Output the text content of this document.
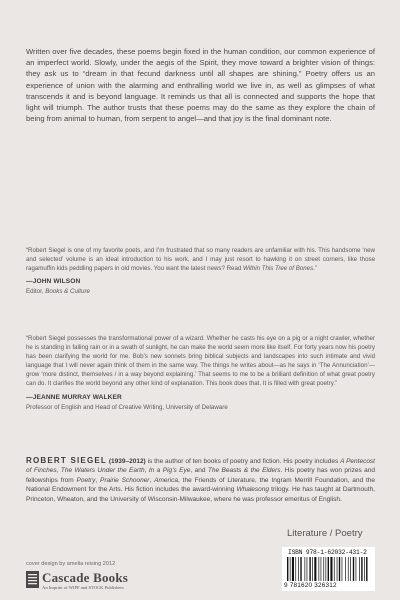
Written over five decades, these poems begin fixed in the human condition, our common experience of an imperfect world. Slowly, under the aegis of the Spirit, they move toward a brighter vision of things: they ask us to “dream in that fecund darkness until all shapes are shining.” Poetry offers us an experience of union with the alarming and enthralling world we live in, as well as glimpses of what transcends it and is beyond language. It reminds us that all is connected and supports the hope that light will triumph. The author trusts that these poems may do the same as they explore the chain of being from animal to human, from serpent to angel—and that joy is the final dominant note.

“Robert Siegel is one of my favorite poets, and I’m frustrated that so many readers are unfamiliar with his. This handsome ‘new and selected’ volume is an ideal introduction to his work, and I may just resort to hawking it on street corners, like those ragamuffin kids peddling papers in old movies. You want the latest news? Read Within This Tree of Bones.”

—JOHN WILSON
Editor, Books & Culture

“Robert Siegel possesses the transformational power of a wizard. Whether he casts his eye on a pig or a night crawler, whether he is standing in falling rain or in a swath of sunlight, he can make the world seem more like itself. For forty years now his poetry has been clarifying the world for me. Bob’s new sonnets bring biblical subjects and landscapes into such intimate and vivid language that I will never again think of them in the same way. The things he writes about—as he says in ‘The Annunciation’—grow ‘more distinct, themselves / in a way beyond explaining.’ That seems to me to be a brilliant definition of what great poetry can do. It clarifies the world beyond any other kind of explanation. This book does that. It is filled with great poetry.”

—JEANNE MURRAY WALKER
Professor of English and Head of Creative Writing, University of Delaware

ROBERT SIEGEL (1939–2012) is the author of ten books of poetry and fiction. His poetry includes A Pentecost of Finches, The Waters Under the Earth, In a Pig’s Eye, and The Beasts & the Elders. His poetry has won prizes and fellowships from Poetry, Prairie Schooner, America, the Friends of Literature, the Ingram Merrill Foundation, and the National Endowment for the Arts. His fiction includes the award-winning Whalesong trilogy. He has taught at Dartmouth, Princeton, Wheaton, and the University of Wisconsin-Milwaukee, where he was professor emeritus of English.

Literature / Poetry
cover design by amelia reising 2012
Cascade Books
An Imprint of WIPF and STOCK Publishers
ISBN 978-1-62032-431-2
9 781620 326312
